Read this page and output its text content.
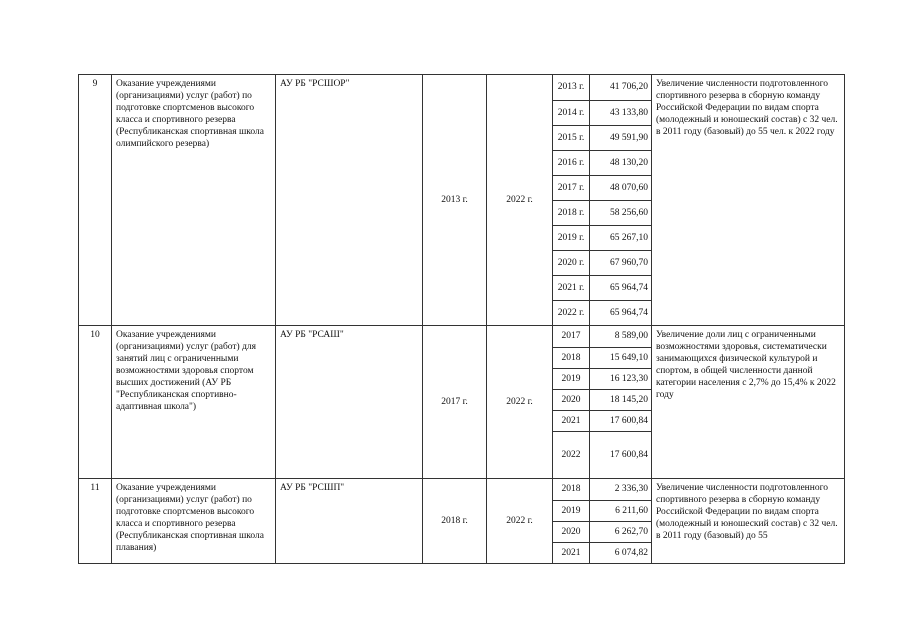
9	Оказание учреждениями (организациями) услуг (работ) по подготовке спортсменов высокого класса и спортивного резерва (Республиканская спортивная школа олимпийского резерва)	АУ РБ "РСШОР"	2013 г.	2022 г.	
2013 г.	41 706,20
2014 г.	43 133,80
2015 г.	49 591,90
2016 г.	48 130,20
2017 г.	48 070,60
2018 г.	58 256,60
2019 г.	65 267,10
2020 г.	67 960,70
2021 г.	65 964,74
2022 г.	65 964,74
	Увеличение численности подготовленного спортивного резерва в сборную команду Российской Федерации по видам спорта (молодежный и юношеский состав) с 32 чел. в 2011 году (базовый) до 55 чел. к 2022 году
10	Оказание учреждениями (организациями) услуг (работ) для занятий лиц с ограниченными возможностями здоровья спортом высших достижений (АУ РБ "Республиканская спортивно-адаптивная школа")	АУ РБ "РСАШ"	2017 г.	2022 г.	
2017	8 589,00
2018	15 649,10
2019	16 123,30
2020	18 145,20
2021	17 600,84
2022	17 600,84
	Увеличение доли лиц с ограниченными возможностями здоровья, систематически занимающихся физической культурой и спортом, в общей численности данной категории населения с 2,7% до 15,4% к 2022 году
11	Оказание учреждениями (организациями) услуг (работ) по подготовке спортсменов высокого класса и спортивного резерва (Республиканская спортивная школа плавания)	АУ РБ "РСШП"	2018 г.	2022 г.	
2018	2 336,30
2019	6 211,60
2020	6 262,70
2021	6 074,82
	Увеличение численности подготовленного спортивного резерва в сборную команду Российской Федерации по видам спорта (молодежный и юношеский состав) с 32 чел. в 2011 году (базовый) до 55
